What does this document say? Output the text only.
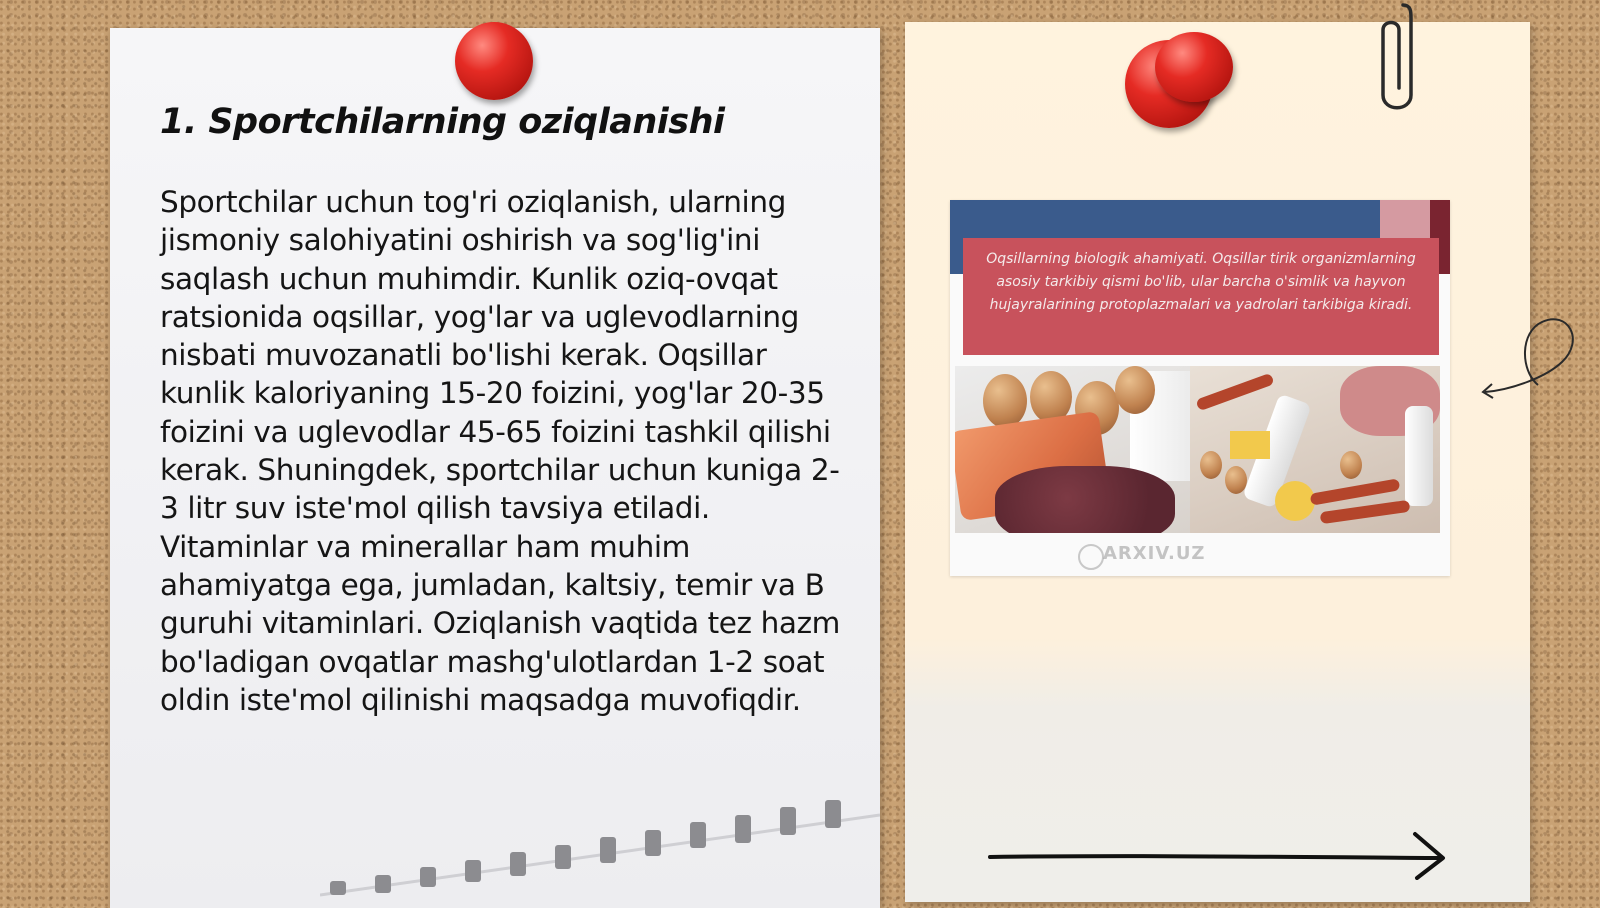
1. Sportchilarning oziqlanishi

Sportchilar uchun tog'ri oziqlanish, ularning jismoniy salohiyatini oshirish va sog'lig'ini saqlash uchun muhimdir. Kunlik oziq-ovqat ratsionida oqsillar, yog'lar va uglevodlarning nisbati muvozanatli bo'lishi kerak. Oqsillar kunlik kaloriyaning 15-20 foizini, yog'lar 20-35 foizini va uglevodlar 45-65 foizini tashkil qilishi kerak. Shuningdek, sportchilar uchun kuniga 2-3 litr suv iste'mol qilish tavsiya etiladi. Vitaminlar va minerallar ham muhim ahamiyatga ega, jumladan, kaltsiy, temir va B guruhi vitaminlari. Oziqlanish vaqtida tez hazm bo'ladigan ovqatlar mashg'ulotlardan 1-2 soat oldin iste'mol qilinishi maqsadga muvofiqdir.

Oqsillarning biologik ahamiyati. Oqsillar tirik organizmlarning asosiy tarkibiy qismi bo'lib, ular barcha o'simlik va hayvon hujayralarining protoplazmalari va yadrolari tarkibiga kiradi.
ARXIV.UZ
